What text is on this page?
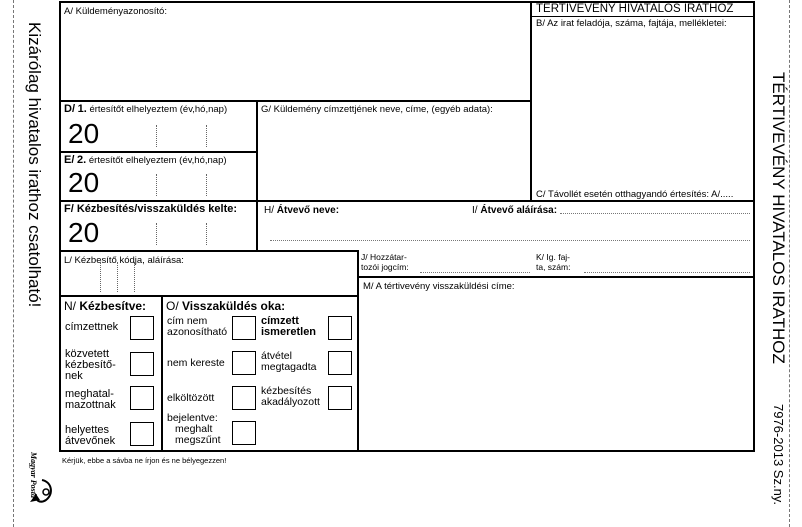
Kizárólag hivatalos irathoz csatolható!	TÉRTIVEVÉNY HIVATALOS IRATHOZ
7976-2013 Sz.ny.
A/ Küldeményazonosító:	TÉRTIVEVÉNY HIVATALOS IRATHOZ
B/ Az irat feladója, száma, fajtája, mellékletei:
C/ Távollét esetén otthagyandó értesítés: A/.....
D/ 1. értesítőt elhelyeztem (év,hó,nap)
20
E/ 2. értesítőt elhelyeztem (év,hó,nap)
20
G/ Küldemény címzettjének neve, címe, (egyéb adata):
F/ Kézbesítés/visszaküldés kelte:
20
H/ Átvevő neve:	I/ Átvevő aláírása:
J/ Hozzátar-
tozói jogcím:
K/ Ig. faj-
ta, szám:
L/ Kézbesítő kódja, aláírása:
M/ A tértivevény visszaküldési címe:
N/ Kézbesítve:
címzettnek
közvetett
kézbesítő-
nek
meghatal-
mazottnak
helyettes
átvevőnek
O/ Visszaküldés oka:
cím nem
azonosítható
nem kereste
elköltözött
bejelentve:
meghalt
megszűnt
címzett
ismeretlen
átvétel
megtagadta
kézbesítés
akadályozott
Kérjük, ebbe a sávba ne írjon és ne bélyegezzen!
Magyar Posta
